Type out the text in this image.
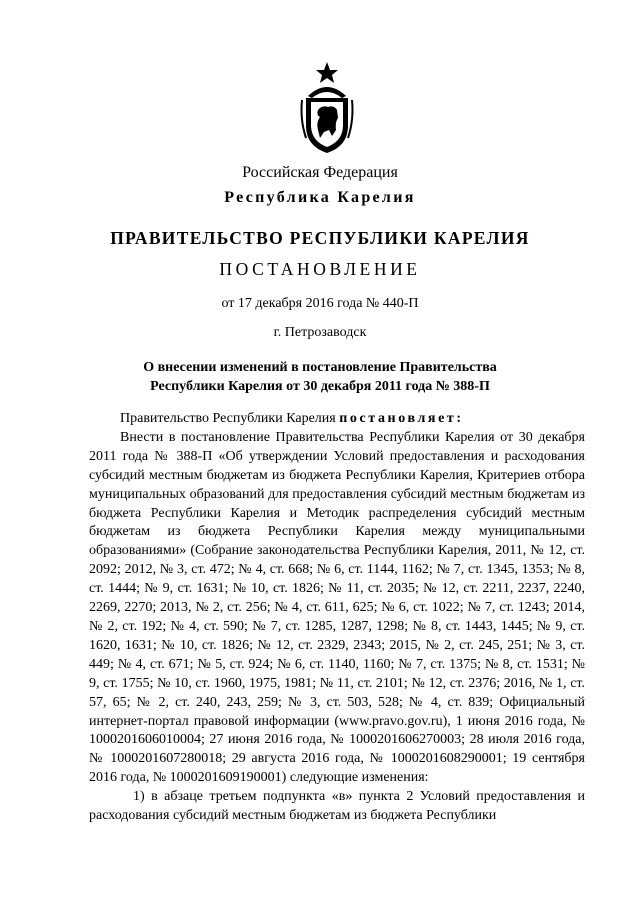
Российская Федерация
Республика Карелия
ПРАВИТЕЛЬСТВО РЕСПУБЛИКИ КАРЕЛИЯ
ПОСТАНОВЛЕНИЕ
от 17 декабря 2016 года № 440-П
г. Петрозаводск
О внесении изменений в постановление Правительства
Республики Карелия от 30 декабря 2011 года № 388-П

Правительство Республики Карелия постановляет:

Внести в постановление Правительства Республики Карелия от 30 декабря 2011 года № 388-П «Об утверждении Условий предоставления и расходования субсидий местным бюджетам из бюджета Республики Карелия, Критериев отбора муниципальных образований для предоставления субсидий местным бюджетам из бюджета Республики Карелия и Методик распределения субсидий местным бюджетам из бюджета Республики Карелия между муниципальными образованиями» (Собрание законодательства Республики Карелия, 2011, № 12, ст. 2092; 2012, № 3, ст. 472; № 4, ст. 668; № 6, ст. 1144, 1162; № 7, ст. 1345, 1353; № 8, ст. 1444; № 9, ст. 1631; № 10, ст. 1826; № 11, ст. 2035; № 12, ст. 2211, 2237, 2240, 2269, 2270; 2013, № 2, ст. 256; № 4, ст. 611, 625; № 6, ст. 1022; № 7, ст. 1243; 2014, № 2, ст. 192; № 4, ст. 590; № 7, ст. 1285, 1287, 1298; № 8, ст. 1443, 1445; № 9, ст. 1620, 1631; № 10, ст. 1826; № 12, ст. 2329, 2343; 2015, № 2, ст. 245, 251; № 3, ст. 449; № 4, ст. 671; № 5, ст. 924; № 6, ст. 1140, 1160; № 7, ст. 1375; № 8, ст. 1531; № 9, ст. 1755; № 10, ст. 1960, 1975, 1981; № 11, ст. 2101; № 12, ст. 2376; 2016, № 1, ст. 57, 65; № 2, ст. 240, 243, 259; № 3, ст. 503, 528; № 4, ст. 839; Официальный интернет-портал правовой информации (www.pravo.gov.ru), 1 июня 2016 года, № 1000201606010004; 27 июня 2016 года, № 1000201606270003; 28 июля 2016 года, № 1000201607280018; 29 августа 2016 года, № 1000201608290001; 19 сентября 2016 года, № 1000201609190001) следующие изменения:

1) в абзаце третьем подпункта «в» пункта 2 Условий предоставления и расходования субсидий местным бюджетам из бюджета Республики
